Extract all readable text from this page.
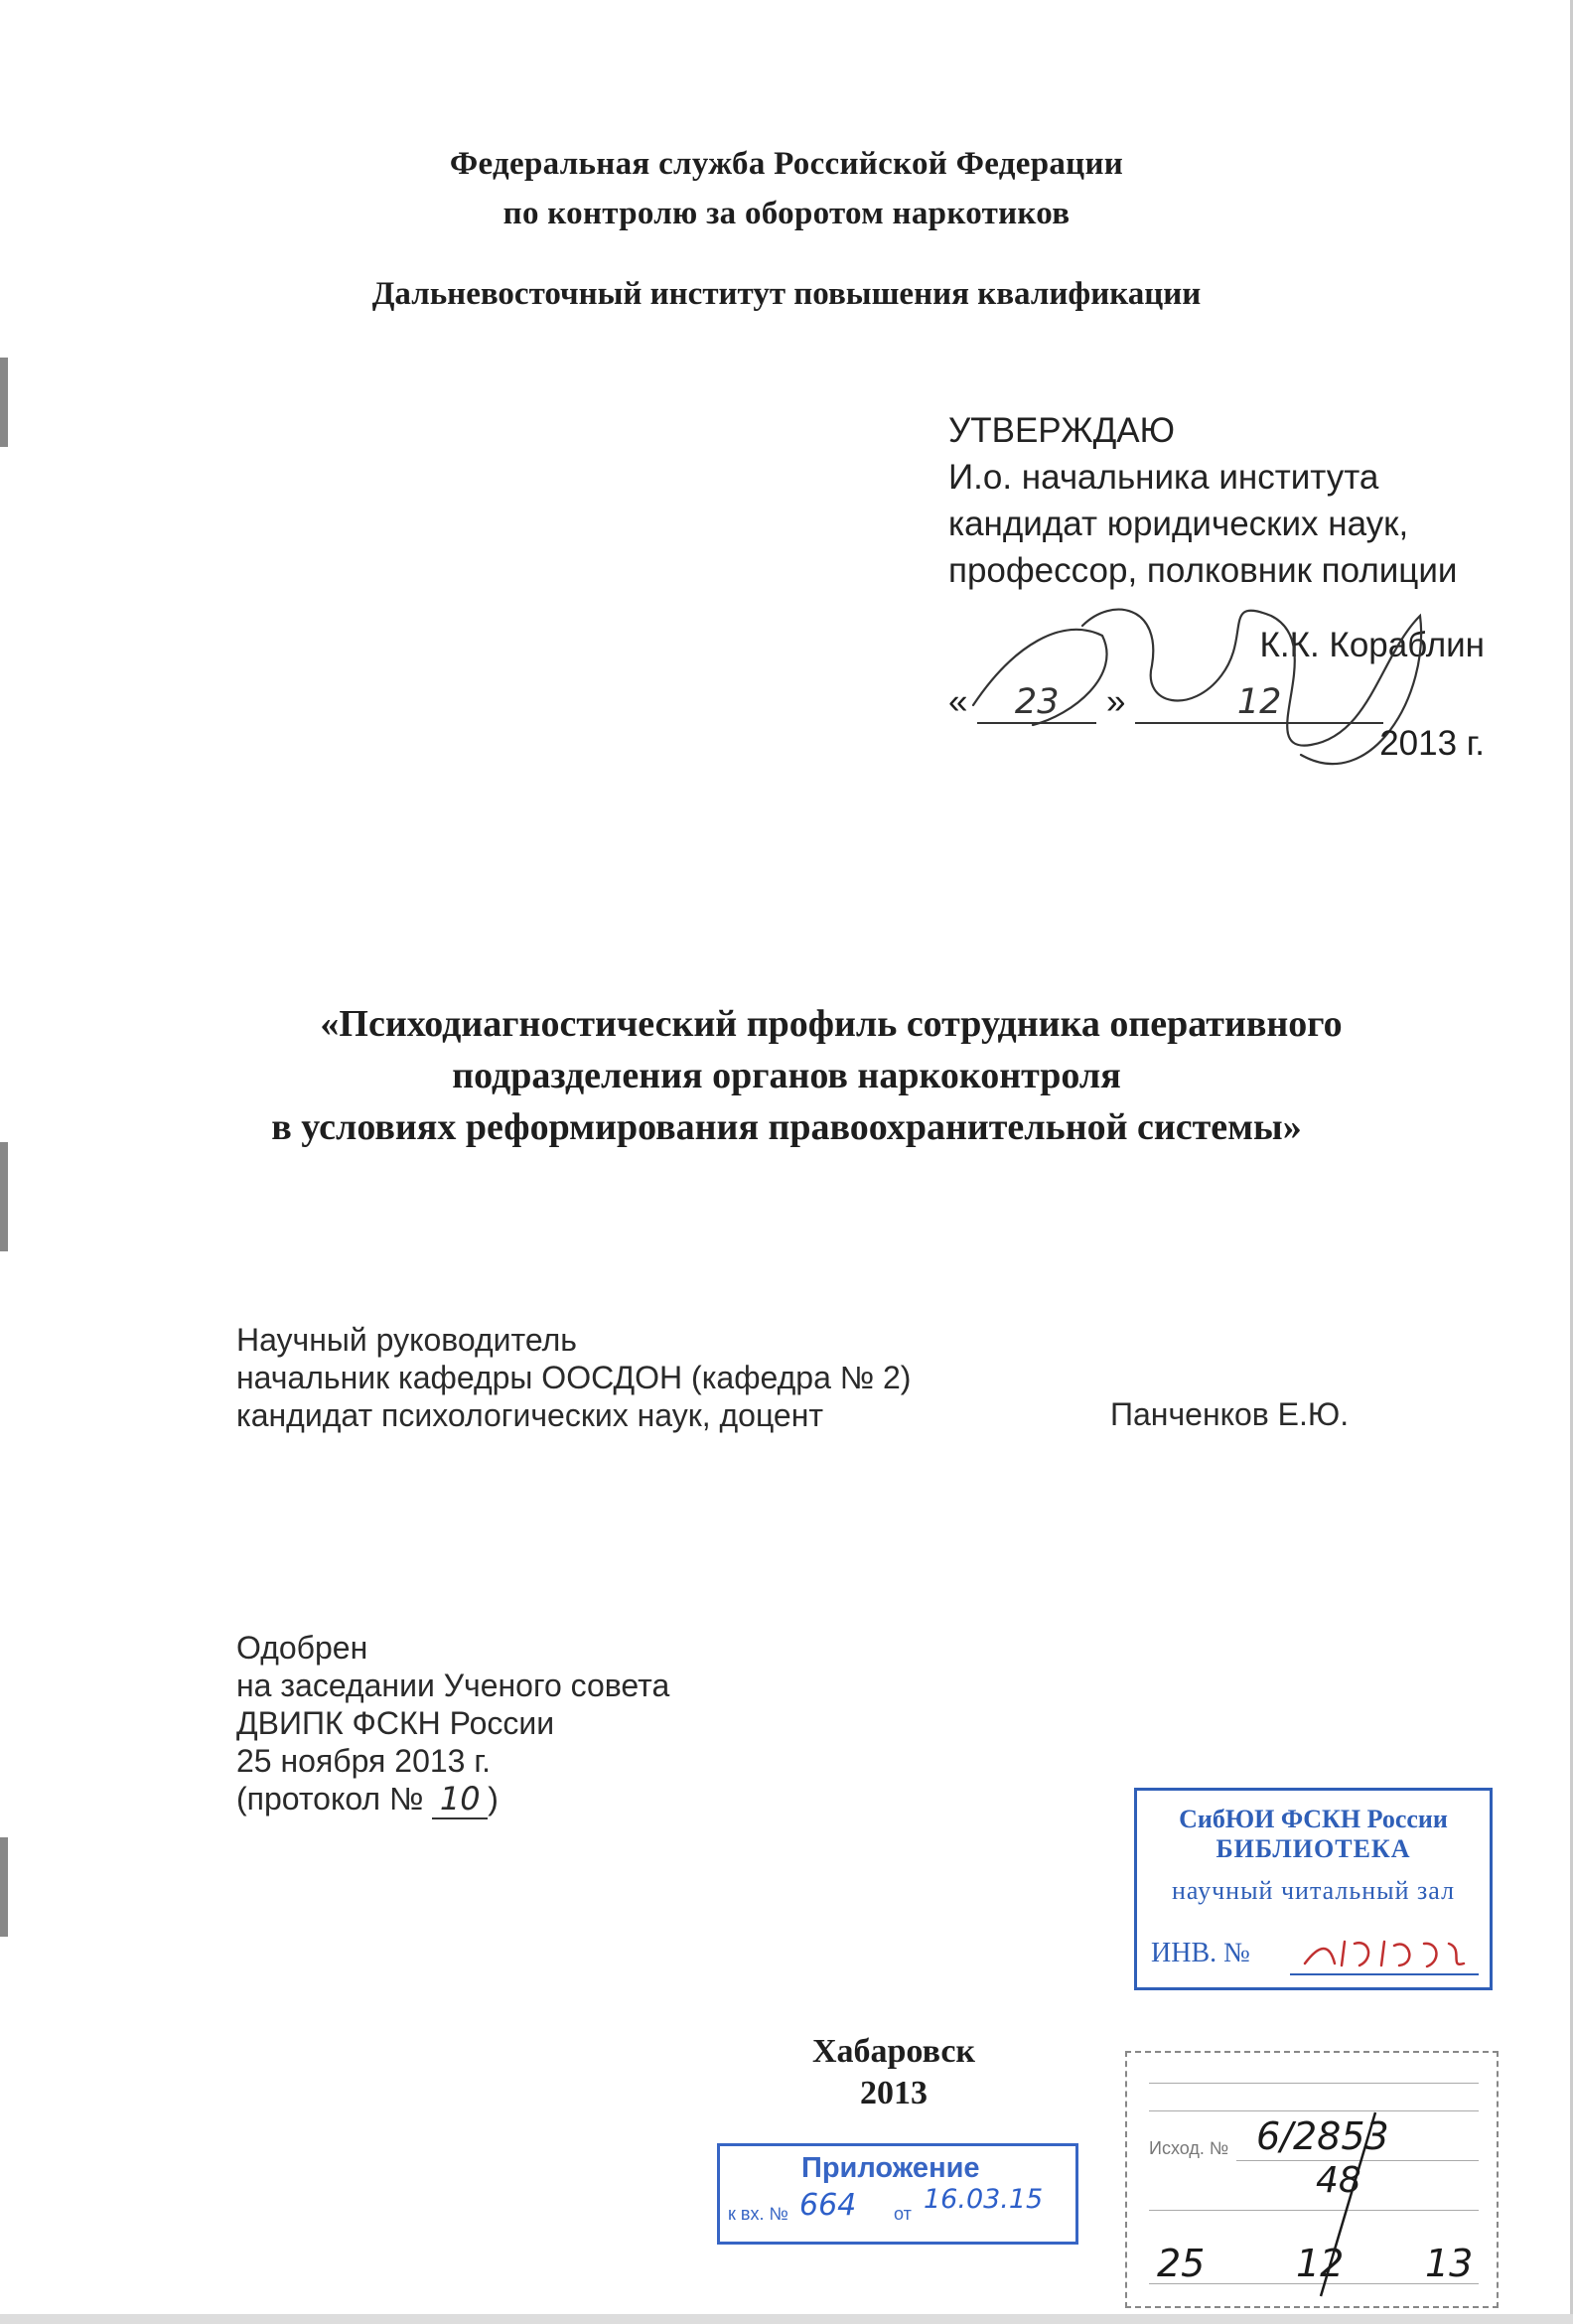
Федеральная служба Российской Федерации
по контролю за оборотом наркотиков
Дальневосточный институт повышения квалификации
УТВЕРЖДАЮ
И.о. начальника института
кандидат юридических наук,
профессор, полковник полиции
К.К. Кораблин
« 23 »	12
2013 г.
«Психодиагностический профиль сотрудника оперативного
подразделения органов наркоконтроля
в условиях реформирования правоохранительной системы»
Научный руководитель
начальник кафедры ООСДОН (кафедра № 2)
кандидат психологических наук, доцент	Панченков Е.Ю.
Одобрен
на заседании Ученого совета
ДВИПК ФСКН России
25 ноября 2013 г.
(протокол № 10 )
Хабаровск
2013
СибЮИ ФСКН России
БИБЛИОТЕКА
научный читальный зал
ИНВ. №
Приложение
к вх. № 664 от 16.03.15
Исход. № 6/2853
48
25 12 13
